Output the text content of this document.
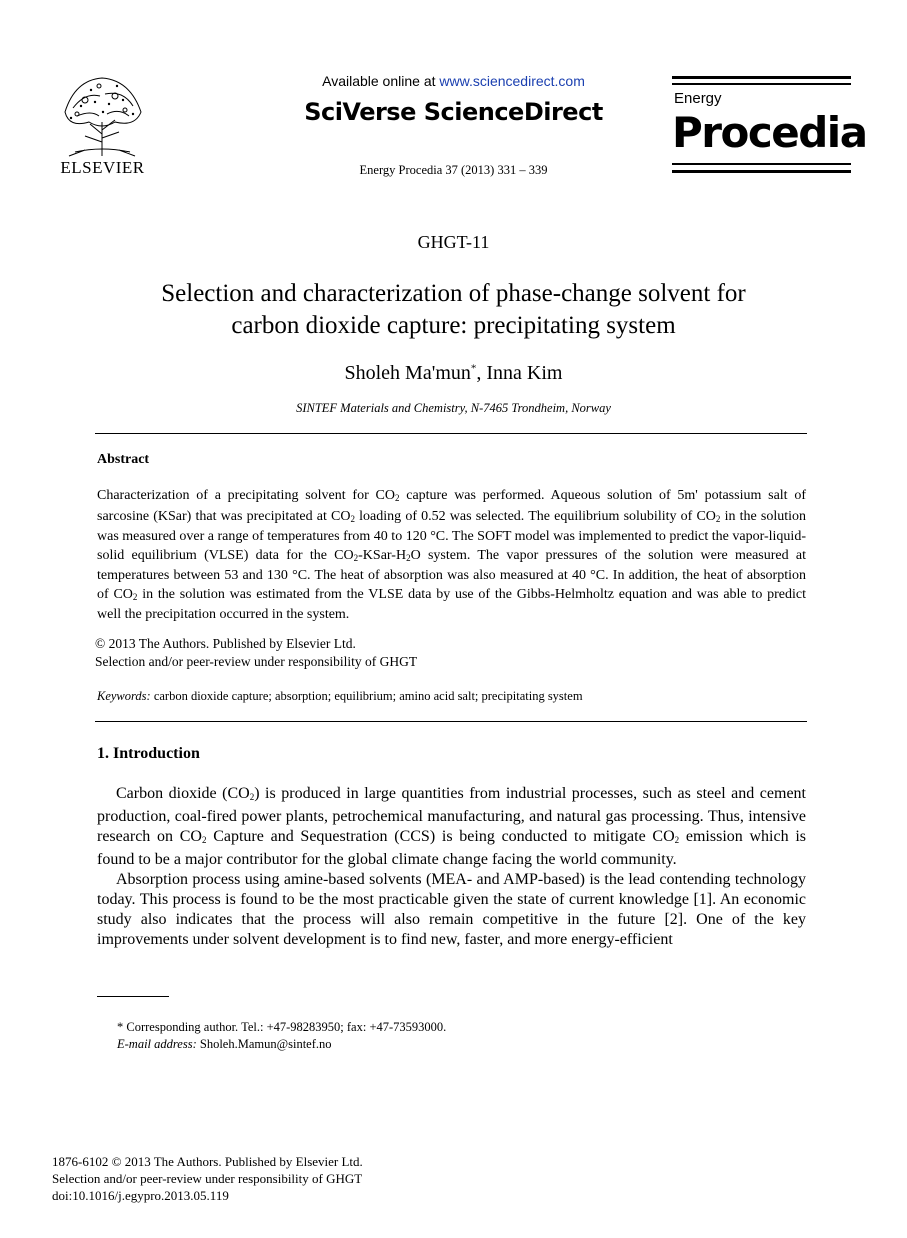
ELSEVIER
Available online at www.sciencedirect.com
SciVerse ScienceDirect
Energy Procedia 37 (2013) 331 – 339
Energy
Procedia
GHGT-11
Selection and characterization of phase-change solvent for
carbon dioxide capture: precipitating system
Sholeh Ma'mun*, Inna Kim
SINTEF Materials and Chemistry, N-7465 Trondheim, Norway
Abstract
Characterization of a precipitating solvent for $CO_2$ capture was performed. Aqueous solution of 5m' potassium salt of sarcosine (KSar) that was precipitated at $CO_2$ loading of 0.52 was selected. The equilibrium solubility of $CO_2$ in the solution was measured over a range of temperatures from 40 to 120 °C. The SOFT model was implemented to predict the vapor-liquid-solid equilibrium (VLSE) data for the $CO_2-KSar-H_2O$ system. The vapor pressures of the solution were measured at temperatures between 53 and 130 °C. The heat of absorption was also measured at 40 °C. In addition, the heat of absorption of $CO_2$ in the solution was estimated from the VLSE data by use of the Gibbs-Helmholtz equation and was able to predict well the precipitation occurred in the system.
© 2013 The Authors. Published by Elsevier Ltd.
Selection and/or peer-review under responsibility of GHGT
Keywords: carbon dioxide capture; absorption; equilibrium; amino acid salt; precipitating system
1. Introduction

Carbon dioxide $(CO_2)$ is produced in large quantities from industrial processes, such as steel and cement production, coal-fired power plants, petrochemical manufacturing, and natural gas processing. Thus, intensive research on $CO_2$ Capture and Sequestration (CCS) is being conducted to mitigate $CO_2$ emission which is found to be a major contributor for the global climate change facing the world community.

Absorption process using amine-based solvents (MEA- and AMP-based) is the lead contending technology today. This process is found to be the most practicable given the state of current knowledge [1]. An economic study also indicates that the process will also remain competitive in the future [2]. One of the key improvements under solvent development is to find new, faster, and more energy-efficient

* Corresponding author. Tel.: +47-98283950; fax: +47-73593000.
E-mail address: Sholeh.Mamun@sintef.no
1876-6102 © 2013 The Authors. Published by Elsevier Ltd.
Selection and/or peer-review under responsibility of GHGT
doi:10.1016/j.egypro.2013.05.119
